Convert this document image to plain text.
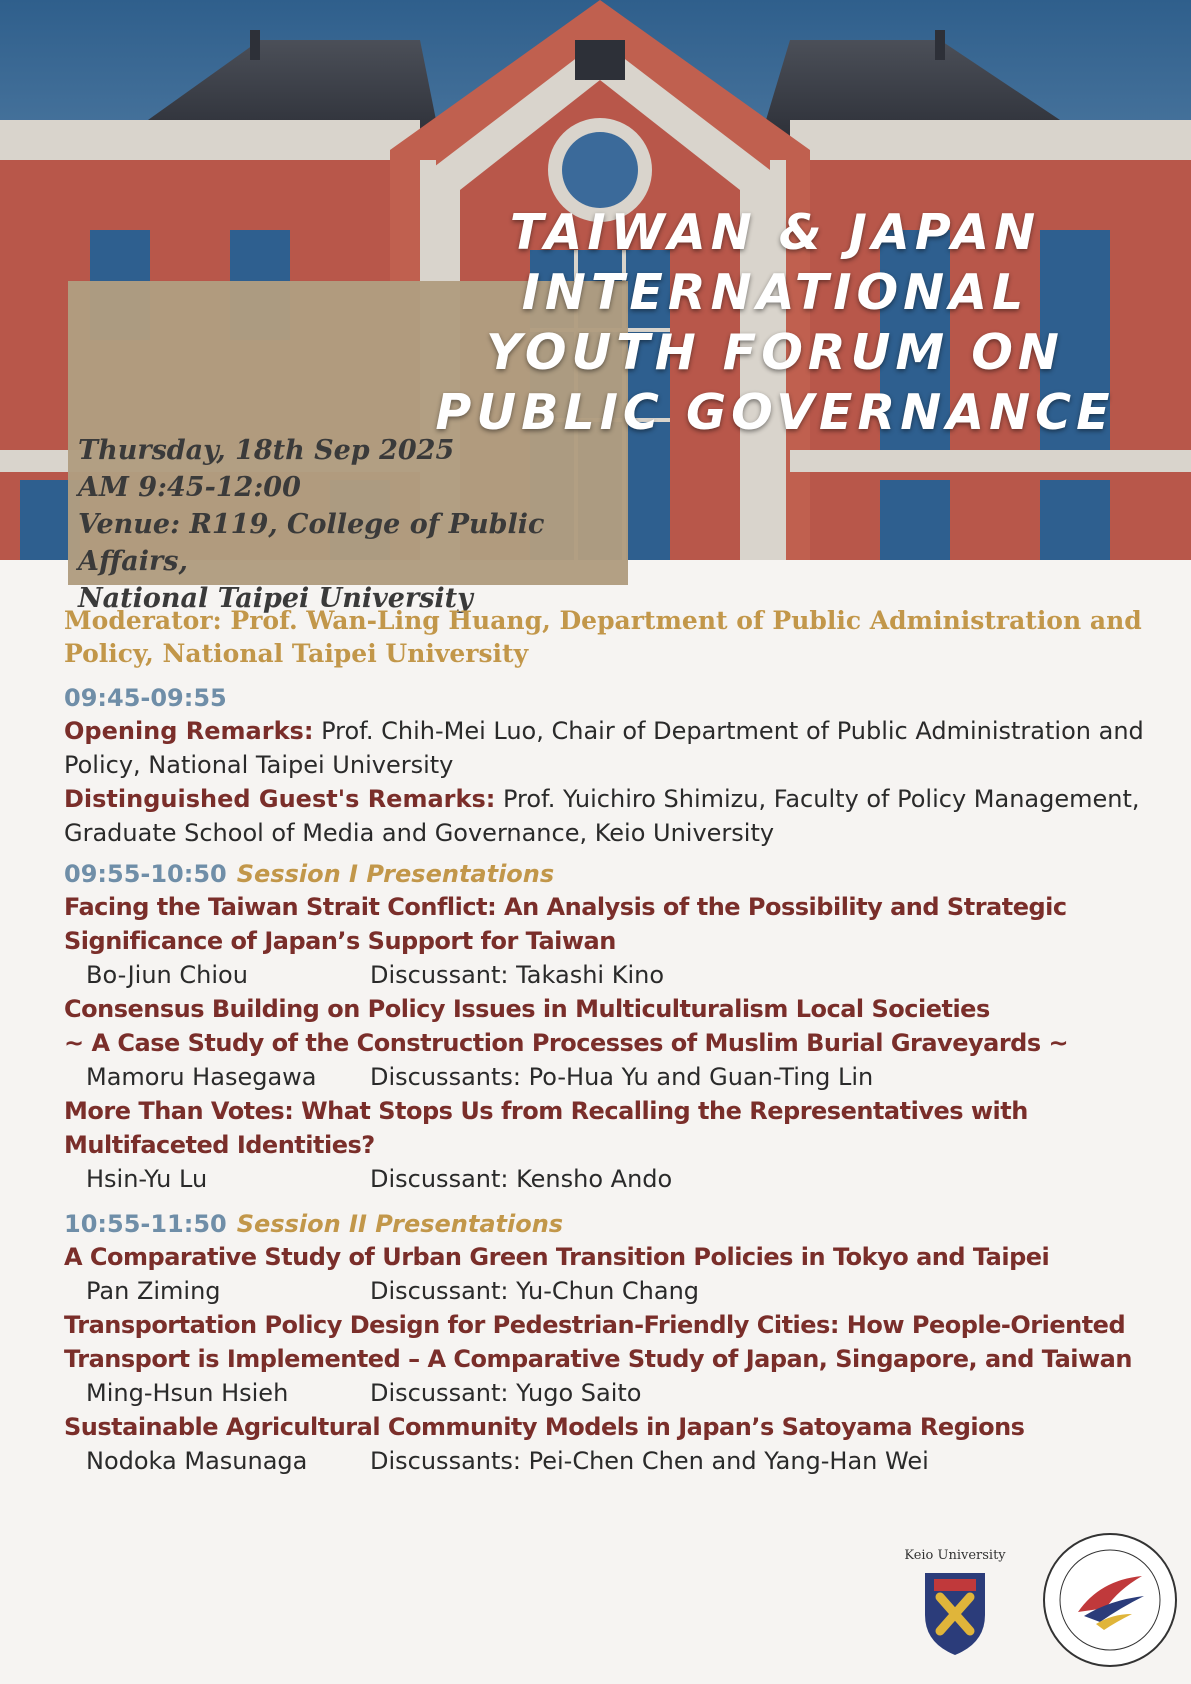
TAIWAN & JAPAN
INTERNATIONAL
YOUTH FORUM ON
PUBLIC GOVERNANCE
Thursday, 18th Sep 2025
AM 9:45-12:00
Venue: R119, College of Public Affairs,
National Taipei University
Moderator: Prof. Wan-Ling Huang, Department of Public Administration and Policy, National Taipei University
09:45-09:55
Opening Remarks: Prof. Chih-Mei Luo, Chair of Department of Public Administration and Policy, National Taipei University
Distinguished Guest's Remarks: Prof. Yuichiro Shimizu, Faculty of Policy Management, Graduate School of Media and Governance, Keio University
09:55-10:50 Session I Presentations
Facing the Taiwan Strait Conflict: An Analysis of the Possibility and Strategic Significance of Japan’s Support for Taiwan
Bo-Jiun Chiou	Discussant: Takashi Kino
Consensus Building on Policy Issues in Multiculturalism Local Societies
~ A Case Study of the Construction Processes of Muslim Burial Graveyards ~
Mamoru Hasegawa	Discussants: Po-Hua Yu and Guan-Ting Lin
More Than Votes: What Stops Us from Recalling the Representatives with Multifaceted Identities?
Hsin-Yu Lu	Discussant: Kensho Ando
10:55-11:50 Session II Presentations
A Comparative Study of Urban Green Transition Policies in Tokyo and Taipei
Pan Ziming	Discussant: Yu-Chun Chang
Transportation Policy Design for Pedestrian-Friendly Cities: How People-Oriented Transport is Implemented – A Comparative Study of Japan, Singapore, and Taiwan
Ming-Hsun Hsieh	Discussant: Yugo Saito
Sustainable Agricultural Community Models in Japan’s Satoyama Regions
Nodoka Masunaga	Discussants: Pei-Chen Chen and Yang-Han Wei
Keio University
